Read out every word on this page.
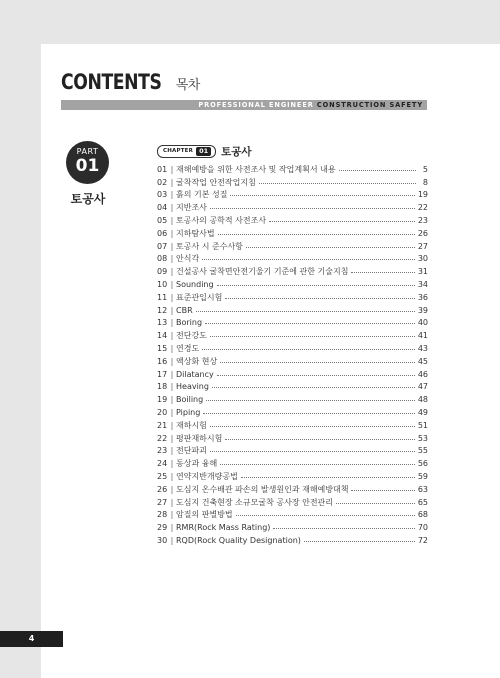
CONTENTS 목차
PROFESSIONAL ENGINEER CONSTRUCTION SAFETY
PART
01
토공사
CHAPTER 01 토공사
01 | 재해예방을 위한 사전조사 및 작업계획서 내용	5
02 | 굴착작업 안전작업지침	8
03 | 흙의 기본 성질	19
04 | 지반조사	22
05 | 토공사의 공학적 사전조사	23
06 | 지하탐사법	26
07 | 토공사 시 준수사항	27
08 | 안식각	30
09 | 건설공사 굴착면안전기울기 기준에 관한 기술지침	31
10 | Sounding	34
11 | 표준관입시험	36
12 | CBR	39
13 | Boring	40
14 | 전단강도	41
15 | 연경도	43
16 | 액상화 현상	45
17 | Dilatancy	46
18 | Heaving	47
19 | Boiling	48
20 | Piping	49
21 | 재하시험	51
22 | 평판재하시험	53
23 | 전단파괴	55
24 | 동상과 융해	56
25 | 연약지반개량공법	59
26 | 도심지 온수배관 파손의 발생원인과 재해예방대책	63
27 | 도심지 건축현장 소규모굴착 공사장 안전관리	65
28 | 암질의 판별방법	68
29 | RMR(Rock Mass Rating)	70
30 | RQD(Rock Quality Designation)	72
4
